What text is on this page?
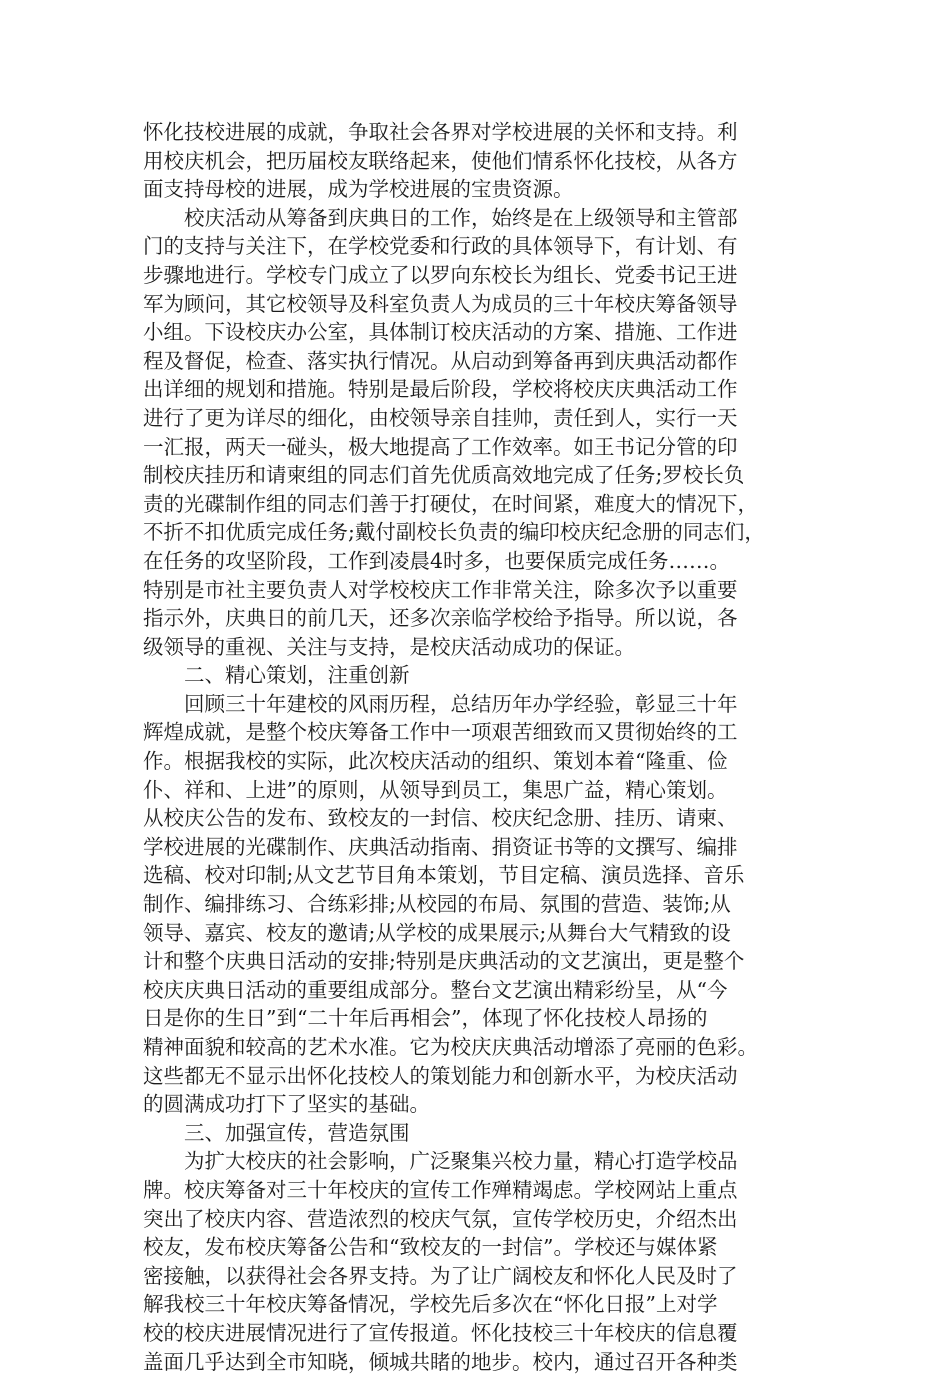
怀化技校进展的成就，争取社会各界对学校进展的关怀和支持。利
用校庆机会，把历届校友联络起来，使他们情系怀化技校，从各方
面支持母校的进展，成为学校进展的宝贵资源。
校庆活动从筹备到庆典日的工作，始终是在上级领导和主管部
门的支持与关注下，在学校党委和行政的具体领导下，有计划、有
步骤地进行。学校专门成立了以罗向东校长为组长、党委书记王进
军为顾问，其它校领导及科室负责人为成员的三十年校庆筹备领导
小组。下设校庆办公室，具体制订校庆活动的方案、措施、工作进
程及督促，检查、落实执行情况。从启动到筹备再到庆典活动都作
出详细的规划和措施。特别是最后阶段，学校将校庆庆典活动工作
进行了更为详尽的细化，由校领导亲自挂帅，责任到人，实行一天
一汇报，两天一碰头，极大地提高了工作效率。如王书记分管的印
制校庆挂历和请柬组的同志们首先优质高效地完成了任务;罗校长负
责的光碟制作组的同志们善于打硬仗，在时间紧，难度大的情况下，
不折不扣优质完成任务;戴付副校长负责的编印校庆纪念册的同志们，
在任务的攻坚阶段，工作到凌晨4时多，也要保质完成任务……。
特别是市社主要负责人对学校校庆工作非常关注，除多次予以重要
指示外，庆典日的前几天，还多次亲临学校给予指导。所以说，各
级领导的重视、关注与支持，是校庆活动成功的保证。
二、精心策划，注重创新
回顾三十年建校的风雨历程，总结历年办学经验，彰显三十年
辉煌成就，是整个校庆筹备工作中一项艰苦细致而又贯彻始终的工
作。根据我校的实际，此次校庆活动的组织、策划本着“隆重、俭
仆、祥和、上进”的原则，从领导到员工，集思广益，精心策划。
从校庆公告的发布、致校友的一封信、校庆纪念册、挂历、请柬、
学校进展的光碟制作、庆典活动指南、捐资证书等的文撰写、编排
选稿、校对印制;从文艺节目角本策划，节目定稿、演员选择、音乐
制作、编排练习、合练彩排;从校园的布局、氛围的营造、装饰;从
领导、嘉宾、校友的邀请;从学校的成果展示;从舞台大气精致的设
计和整个庆典日活动的安排;特别是庆典活动的文艺演出，更是整个
校庆庆典日活动的重要组成部分。整台文艺演出精彩纷呈，从“今
日是你的生日”到“二十年后再相会”，体现了怀化技校人昂扬的
精神面貌和较高的艺术水准。它为校庆庆典活动增添了亮丽的色彩。
这些都无不显示出怀化技校人的策划能力和创新水平，为校庆活动
的圆满成功打下了坚实的基础。
三、加强宣传，营造氛围
为扩大校庆的社会影响，广泛聚集兴校力量，精心打造学校品
牌。校庆筹备对三十年校庆的宣传工作殚精竭虑。学校网站上重点
突出了校庆内容、营造浓烈的校庆气氛，宣传学校历史，介绍杰出
校友，发布校庆筹备公告和“致校友的一封信”。学校还与媒体紧
密接触，以获得社会各界支持。为了让广阔校友和怀化人民及时了
解我校三十年校庆筹备情况，学校先后多次在“怀化日报”上对学
校的校庆进展情况进行了宣传报道。怀化技校三十年校庆的信息覆
盖面几乎达到全市知晓，倾城共睹的地步。校内，通过召开各种类
